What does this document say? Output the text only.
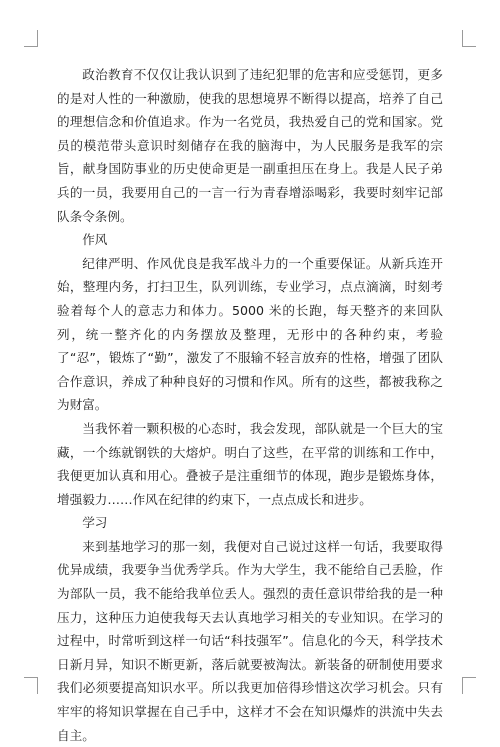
政治教育不仅仅让我认识到了违纪犯罪的危害和应受惩罚，更多的是对人性的一种激励，使我的思想境界不断得以提高，培养了自己的理想信念和价值追求。作为一名党员，我热爱自己的党和国家。党员的模范带头意识时刻储存在我的脑海中，为人民服务是我军的宗旨，献身国防事业的历史使命更是一副重担压在身上。我是人民子弟兵的一员，我要用自己的一言一行为青春增添喝彩，我要时刻牢记部队条令条例。

作风

纪律严明、作风优良是我军战斗力的一个重要保证。从新兵连开始，整理内务，打扫卫生，队列训练，专业学习，点点滴滴，时刻考验着每个人的意志力和体力。5000 米的长跑，每天整齐的来回队列，统一整齐化的内务摆放及整理，无形中的各种约束，考验了“忍”，锻炼了“勤”，激发了不服输不轻言放弃的性格，增强了团队合作意识，养成了种种良好的习惯和作风。所有的这些，都被我称之为财富。

当我怀着一颗积极的心态时，我会发现，部队就是一个巨大的宝藏，一个练就钢铁的大熔炉。明白了这些，在平常的训练和工作中，我便更加认真和用心。叠被子是注重细节的体现，跑步是锻炼身体，增强毅力……作风在纪律的约束下，一点点成长和进步。

学习

来到基地学习的那一刻，我便对自己说过这样一句话，我要取得优异成绩，我要争当优秀学兵。作为大学生，我不能给自己丢脸，作为部队一员，我不能给我单位丢人。强烈的责任意识带给我的是一种压力，这种压力迫使我每天去认真地学习相关的专业知识。在学习的过程中，时常听到这样一句话“科技强军”。信息化的今天，科学技术日新月异，知识不断更新，落后就要被淘汰。新装备的研制使用要求我们必须要提高知识水平。所以我更加倍得珍惜这次学习机会。只有牢牢的将知识掌握在自己手中，这样才不会在知识爆炸的洪流中失去自主。
